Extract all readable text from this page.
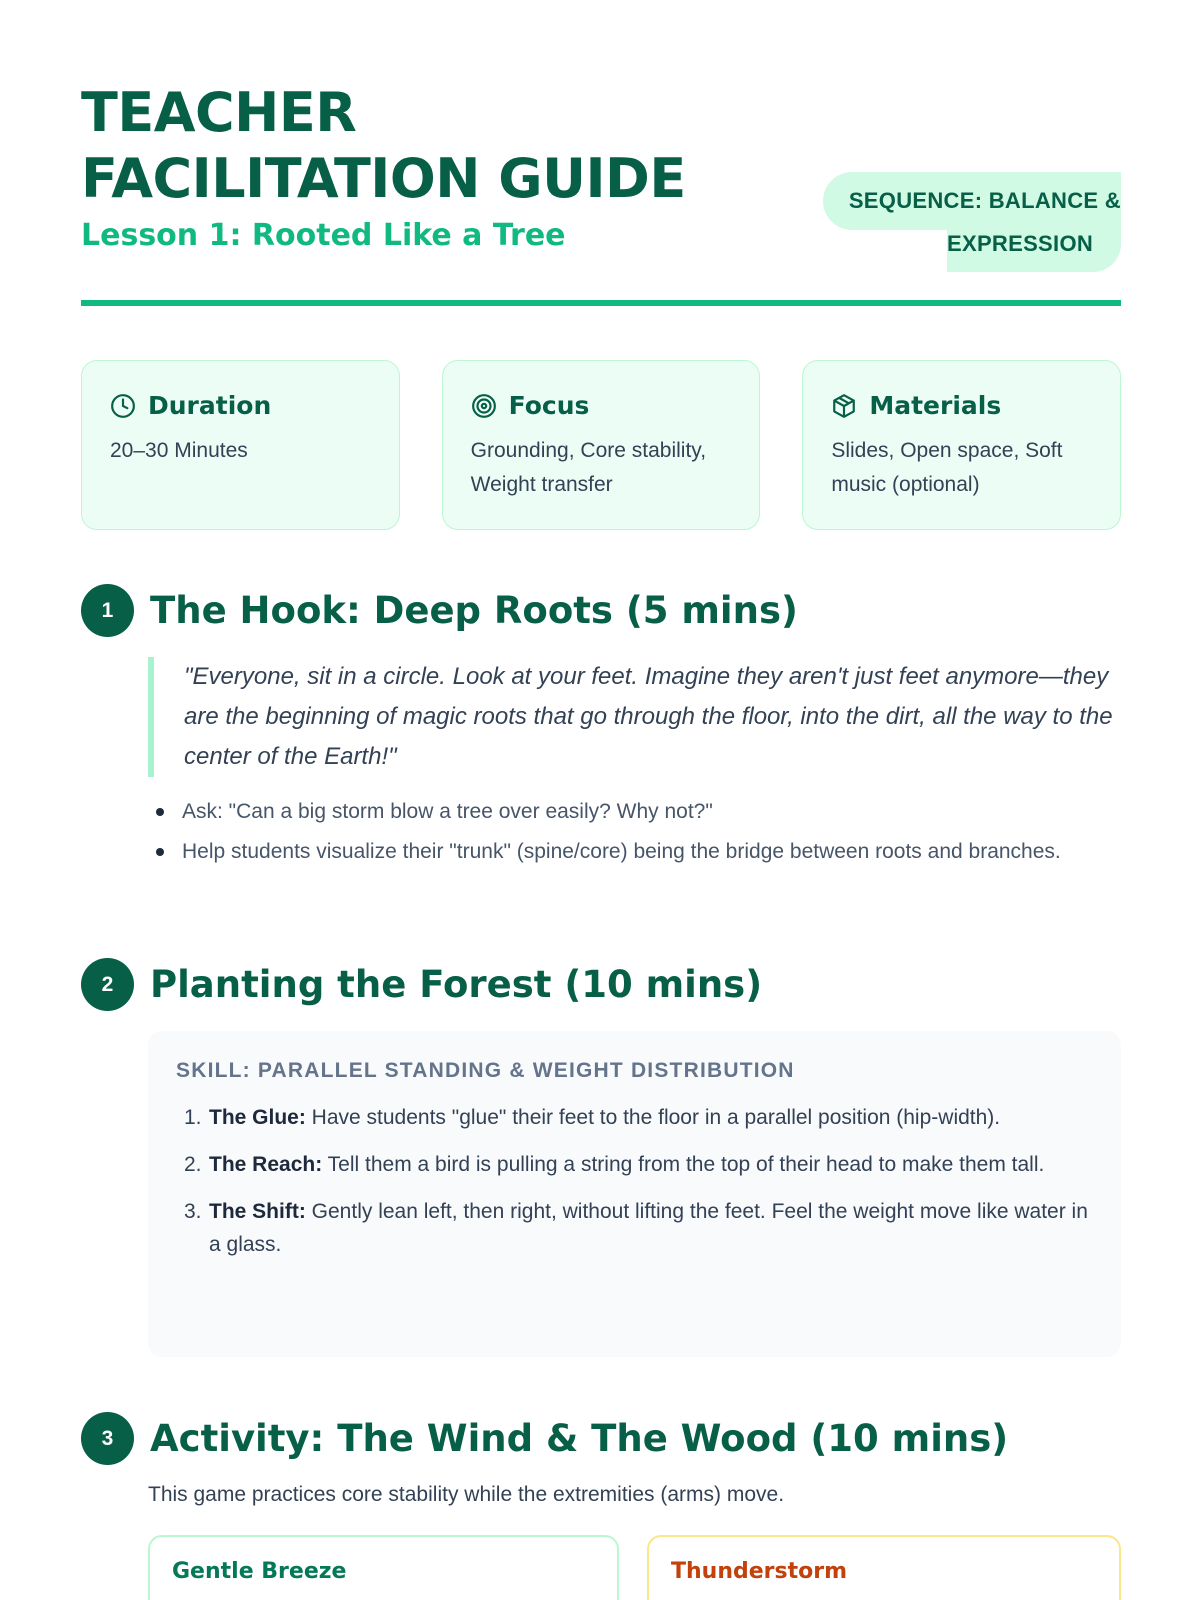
TEACHER
FACILITATION GUIDE
Lesson 1: Rooted Like a Tree	EXPRESSION
SEQUENCE: BALANCE &
Duration
20–30 Minutes
Focus
Grounding, Core stability, Weight transfer
Materials
Slides, Open space, Soft music (optional)
1 The Hook: Deep Roots (5 mins)
"Everyone, sit in a circle. Look at your feet. Imagine they aren't just feet anymore—they are the beginning of magic roots that go through the floor, into the dirt, all the way to the center of the Earth!"
Ask: "Can a big storm blow a tree over easily? Why not?"
Help students visualize their "trunk" (spine/core) being the bridge between roots and branches.
2 Planting the Forest (10 mins)
SKILL: PARALLEL STANDING & WEIGHT DISTRIBUTION
1. The Glue: Have students "glue" their feet to the floor in a parallel position (hip-width).
2. The Reach: Tell them a bird is pulling a string from the top of their head to make them tall.
3. The Shift: Gently lean left, then right, without lifting the feet. Feel the weight move like water in a glass.
3 Activity: The Wind & The Wood (10 mins)

This game practices core stability while the extremities (arms) move.

Gentle Breeze	Thunderstorm
